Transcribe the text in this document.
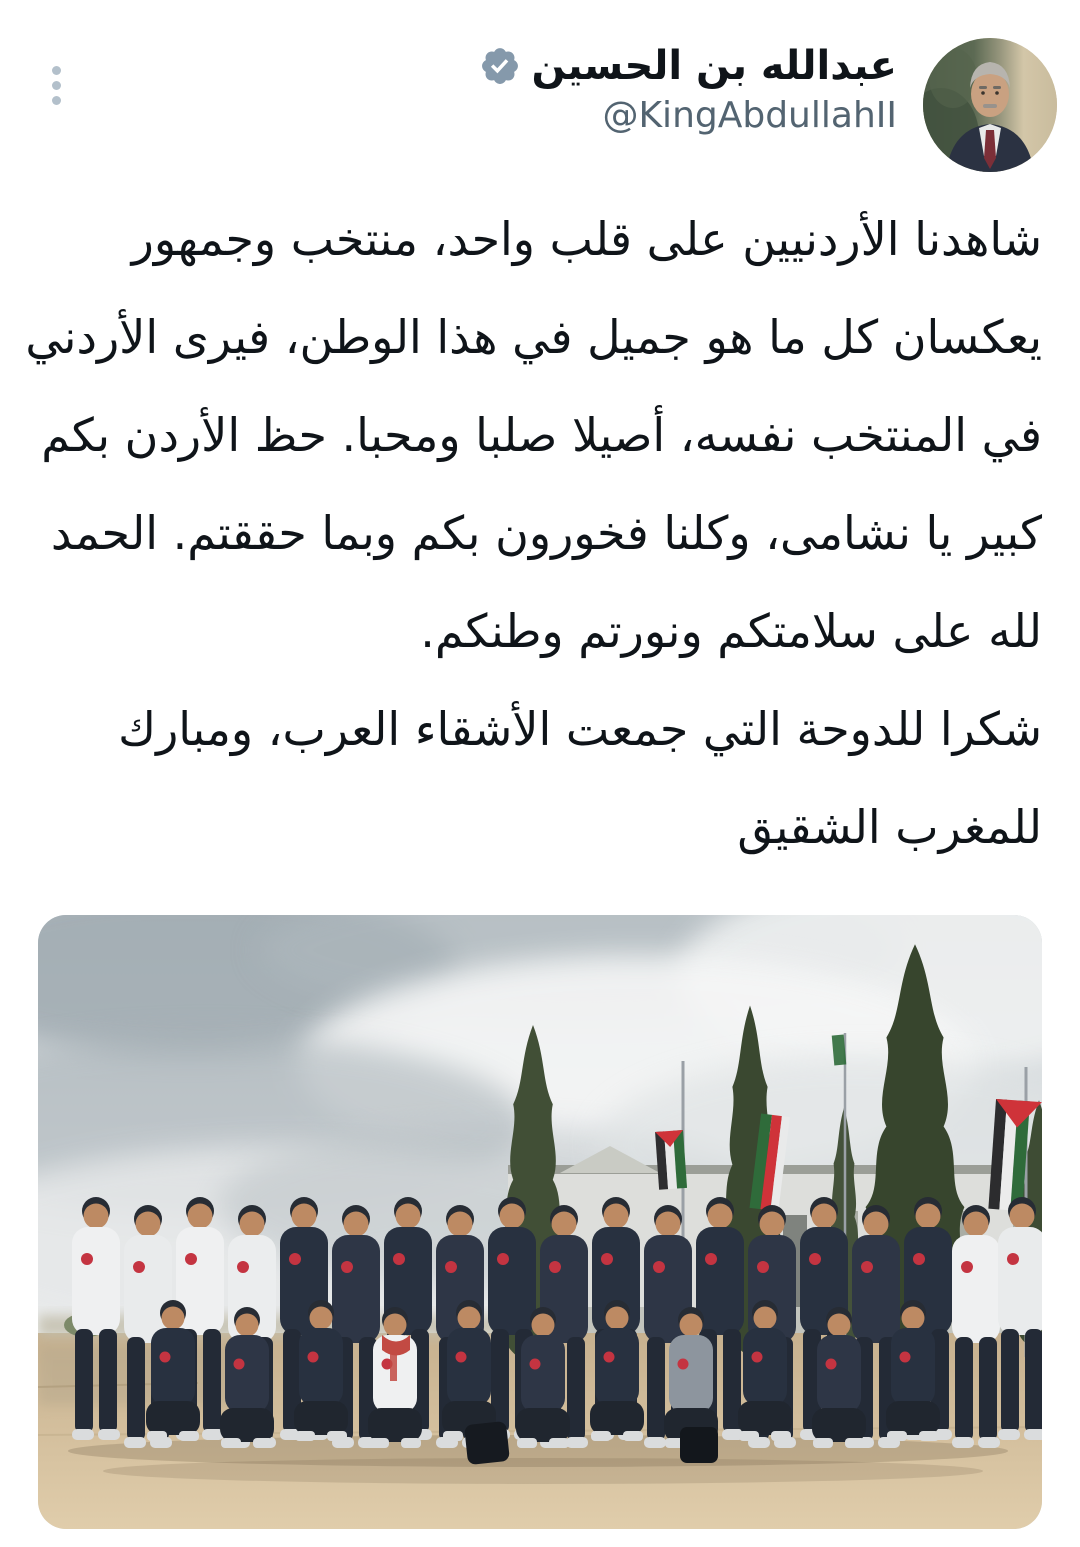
عبدالله بن الحسين
@KingAbdullahII
شاهدنا الأردنيين على قلب واحد، منتخب وجمهور
يعكسان كل ما هو جميل في هذا الوطن، فيرى الأردني
في المنتخب نفسه، أصيلا صلبا ومحبا. حظ الأردن بكم
كبير يا نشامى، وكلنا فخورون بكم وبما حققتم. الحمد
لله على سلامتكم ونورتم وطنكم.
شكرا للدوحة التي جمعت الأشقاء العرب، ومبارك
للمغرب الشقيق
